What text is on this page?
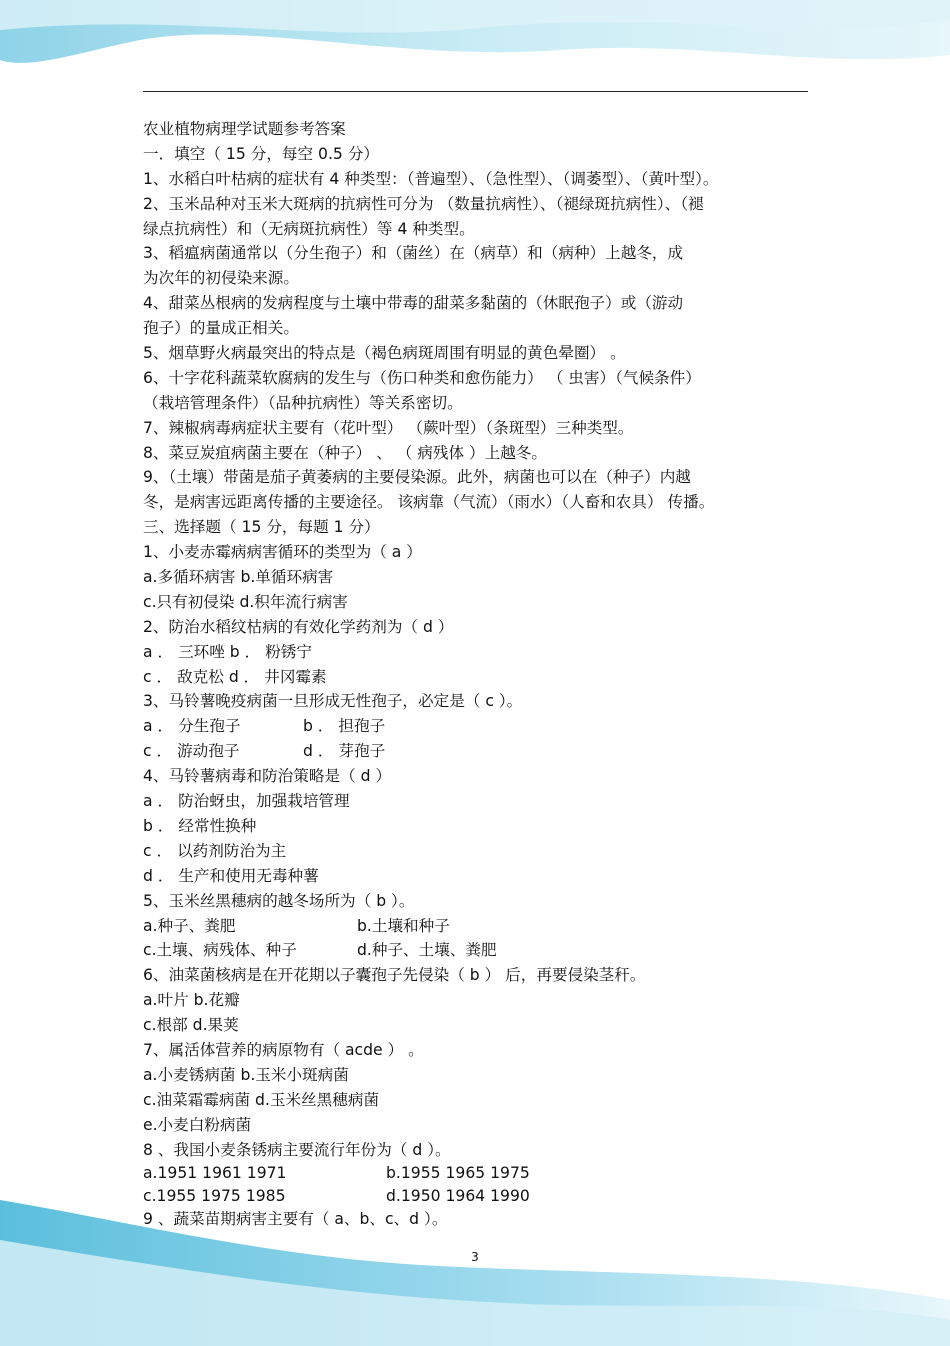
农业植物病理学试题参考答案
一．填空（ 15 分，每空 0.5 分）
1、水稻白叶枯病的症状有 4 种类型：（普遍型）、（急性型）、（调萎型）、（黄叶型）。
2、玉米品种对玉米大斑病的抗病性可分为 （数量抗病性）、（褪绿斑抗病性）、（褪
绿点抗病性）和（无病斑抗病性）等 4 种类型。
3、稻瘟病菌通常以（分生孢子）和（菌丝）在（病草）和（病种）上越冬，成
为次年的初侵染来源。
4、甜菜丛根病的发病程度与土壤中带毒的甜菜多黏菌的（休眠孢子）或（游动
孢子）的量成正相关。
5、烟草野火病最突出的特点是（褐色病斑周围有明显的黄色晕圈） 。
6、十字花科蔬菜软腐病的发生与（伤口种类和愈伤能力） （ 虫害）（气候条件）
（栽培管理条件）（品种抗病性）等关系密切。
7、辣椒病毒病症状主要有（花叶型） （蕨叶型）（条斑型）三种类型。
8、菜豆炭疽病菌主要在（种子） 、 （ 病残体 ）上越冬。
9、（土壤）带菌是茄子黄萎病的主要侵染源。此外，病菌也可以在（种子）内越
冬，是病害远距离传播的主要途径。 该病靠（气流）（雨水）（人畜和农具） 传播。
三、选择题（ 15 分，每题 1 分）
1、小麦赤霉病病害循环的类型为（ a ）
a.多循环病害 b.单循环病害
c.只有初侵染 d.积年流行病害
2、防治水稻纹枯病的有效化学药剂为（ d ）
a ． 三环唑 b ． 粉锈宁
c ． 敌克松 d ． 井冈霉素
3、马铃薯晚疫病菌一旦形成无性孢子，必定是（ c ）。
a ． 分生孢子	b ． 担孢子
c ． 游动孢子	d ． 芽孢子
4、马铃薯病毒和防治策略是（ d ）
a ． 防治蚜虫，加强栽培管理
b ． 经常性换种
c ． 以药剂防治为主
d ． 生产和使用无毒种薯
5、玉米丝黑穗病的越冬场所为（ b ）。
a.种子、粪肥	b.土壤和种子
c.土壤、病残体、种子	d.种子、土壤、粪肥
6、油菜菌核病是在开花期以子囊孢子先侵染（ b ） 后，再要侵染茎秆。
a.叶片 b.花瓣
c.根部 d.果荚
7、属活体营养的病原物有（ acde ） 。
a.小麦锈病菌 b.玉米小斑病菌
c.油菜霜霉病菌 d.玉米丝黑穗病菌
e.小麦白粉病菌
8 、我国小麦条锈病主要流行年份为（ d ）。
a.1951 1961 1971	b.1955 1965 1975
c.1955 1975 1985	d.1950 1964 1990
9 、蔬菜苗期病害主要有（ a、b、c、d ）。
3
